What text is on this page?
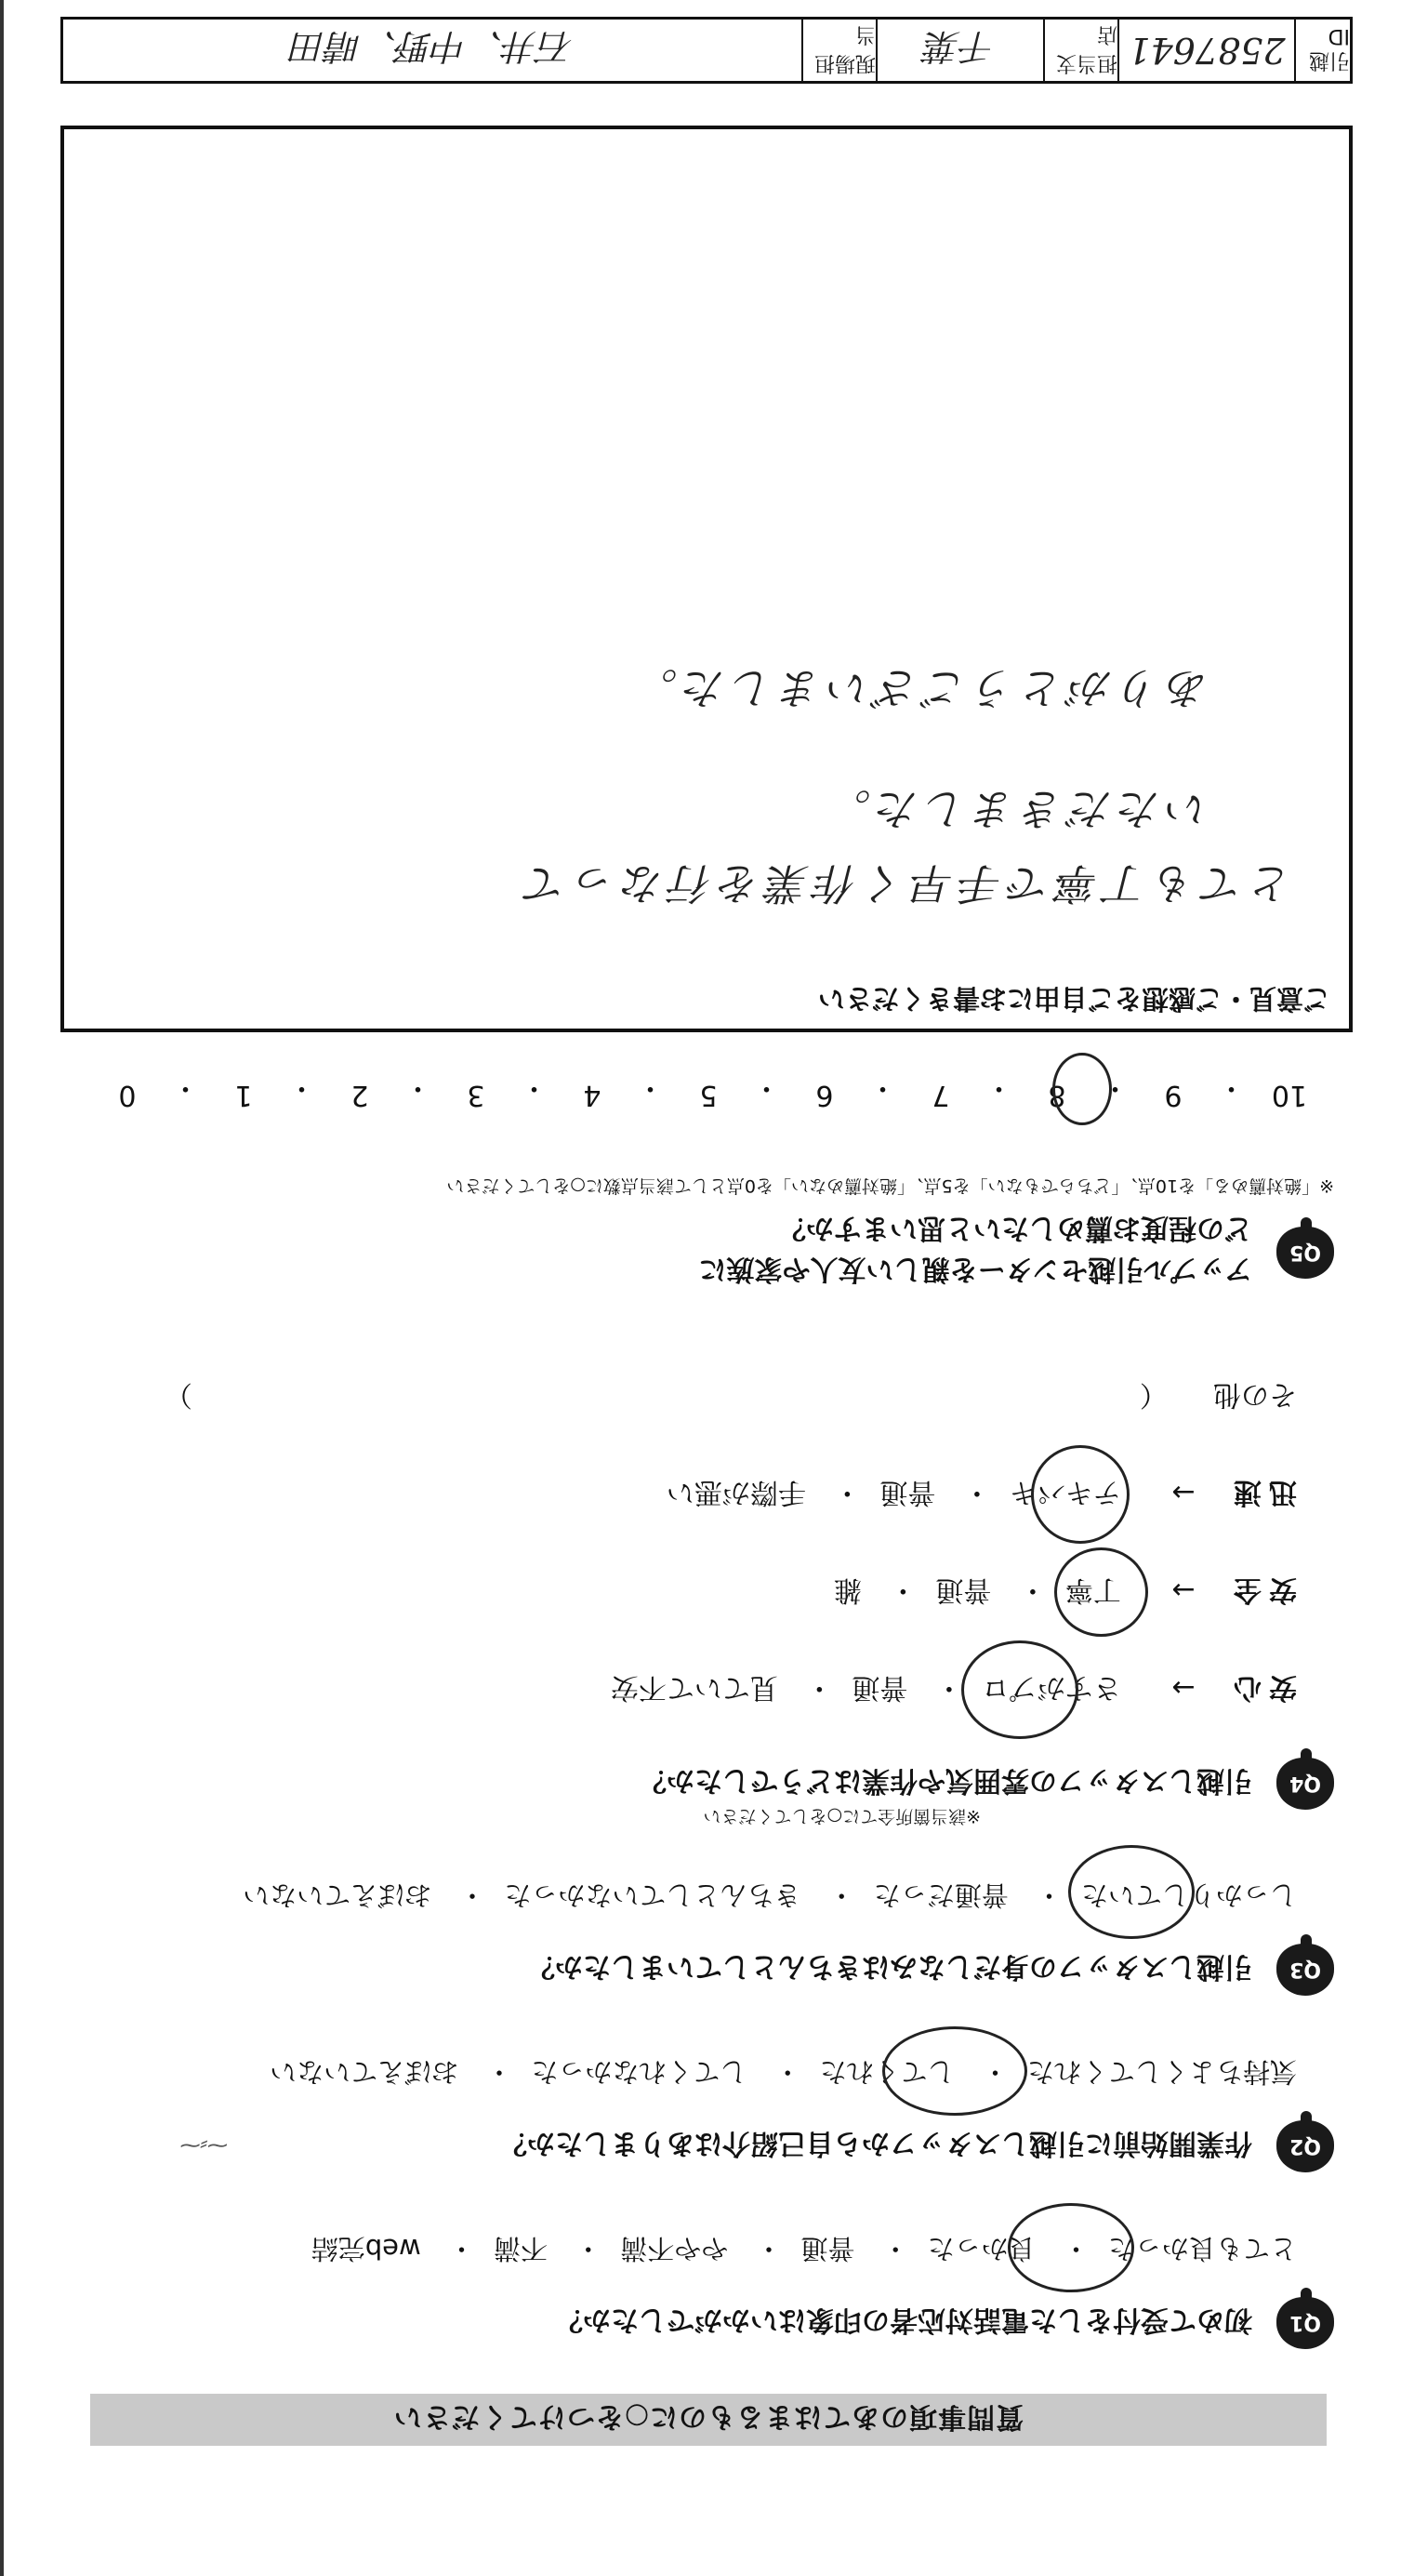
質問事項のあてはまるものに○をつけてください
Q1
初めて受付をした電話対応者の印象はいかがでしたか？
とても良かった・ 良かった・ 普通・ やや不満・ 不満・ web完結
Q2
作業開始前に引越しスタッフから自己紹介はありましたか？
気持ちよくしてくれた・ してくれた・ してくれなかった・ おぼえていない
⁓⸗⁓
Q3
引越しスタッフの身だしなみはきちんとしていましたか？
しっかりしていた・ 普通だった・ きちんとしていなかった・ おぼえていない
Q4
引越しスタッフの雰囲気や作業はどうでしたか？
※該当箇所全てに○をしてください
安心 → さすがプロ・ 普通・ 見ていて不安
安全 → 丁寧・ 普通・ 雑
迅速 → テキパキ・ 普通・ 手際が悪い
その他  （  ）
Q5
アップル引越センターを親しい友人や家族に
どの程度お薦めしたいと思いますか？
※「絶対薦める」を10点、「どちらでもない」を5点、「絶対薦めない」を0点として該当点数に○をしてください
10
・
9
・
8
・
7
・
6
・
5
・
4
・
3
・
2
・
1
・
0
ご意見・ご感想をご自由にお書きください
とても丁寧で手早く作業を行なって
いただきました。
ありがとうございました。
引越ID
2587641
担当支店
千葉
現場担当
石井、中野、晴田
